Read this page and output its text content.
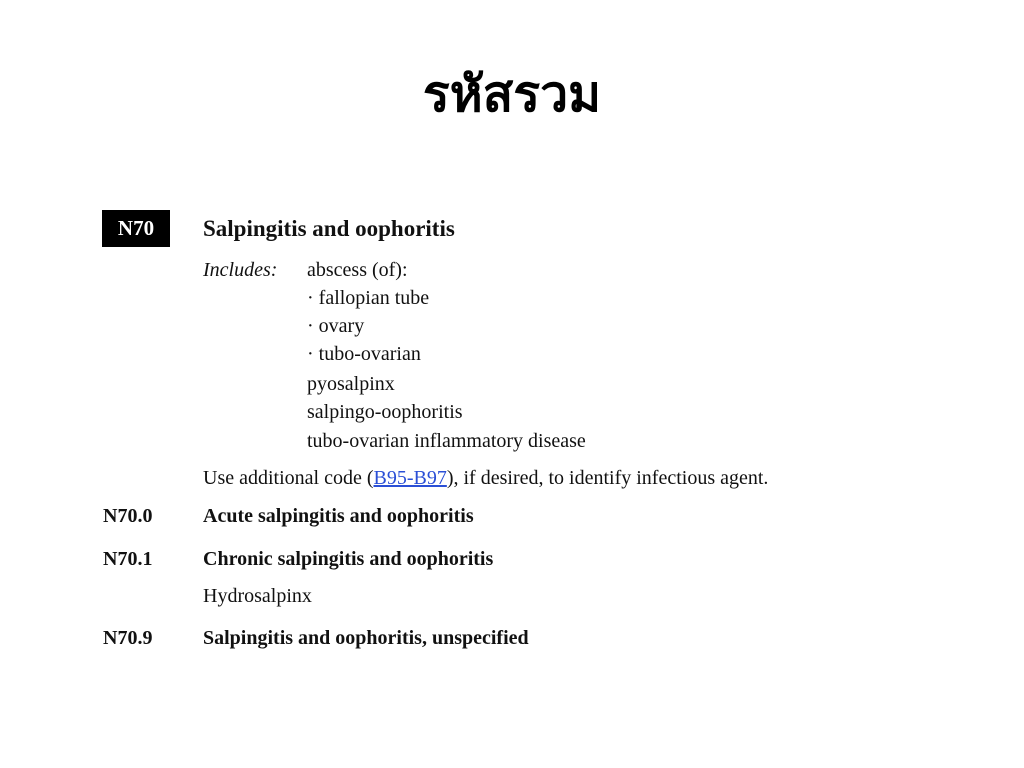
รหัสรวม
N70	Salpingitis and oophoritis
Includes: abscess (of):
· fallopian tube
· ovary
· tubo-ovarian
pyosalpinx
salpingo-oophoritis
tubo-ovarian inflammatory disease
Use additional code (B95-B97), if desired, to identify infectious agent.
N70.0	Acute salpingitis and oophoritis
N70.1	Chronic salpingitis and oophoritis
Hydrosalpinx
N70.9	Salpingitis and oophoritis, unspecified
